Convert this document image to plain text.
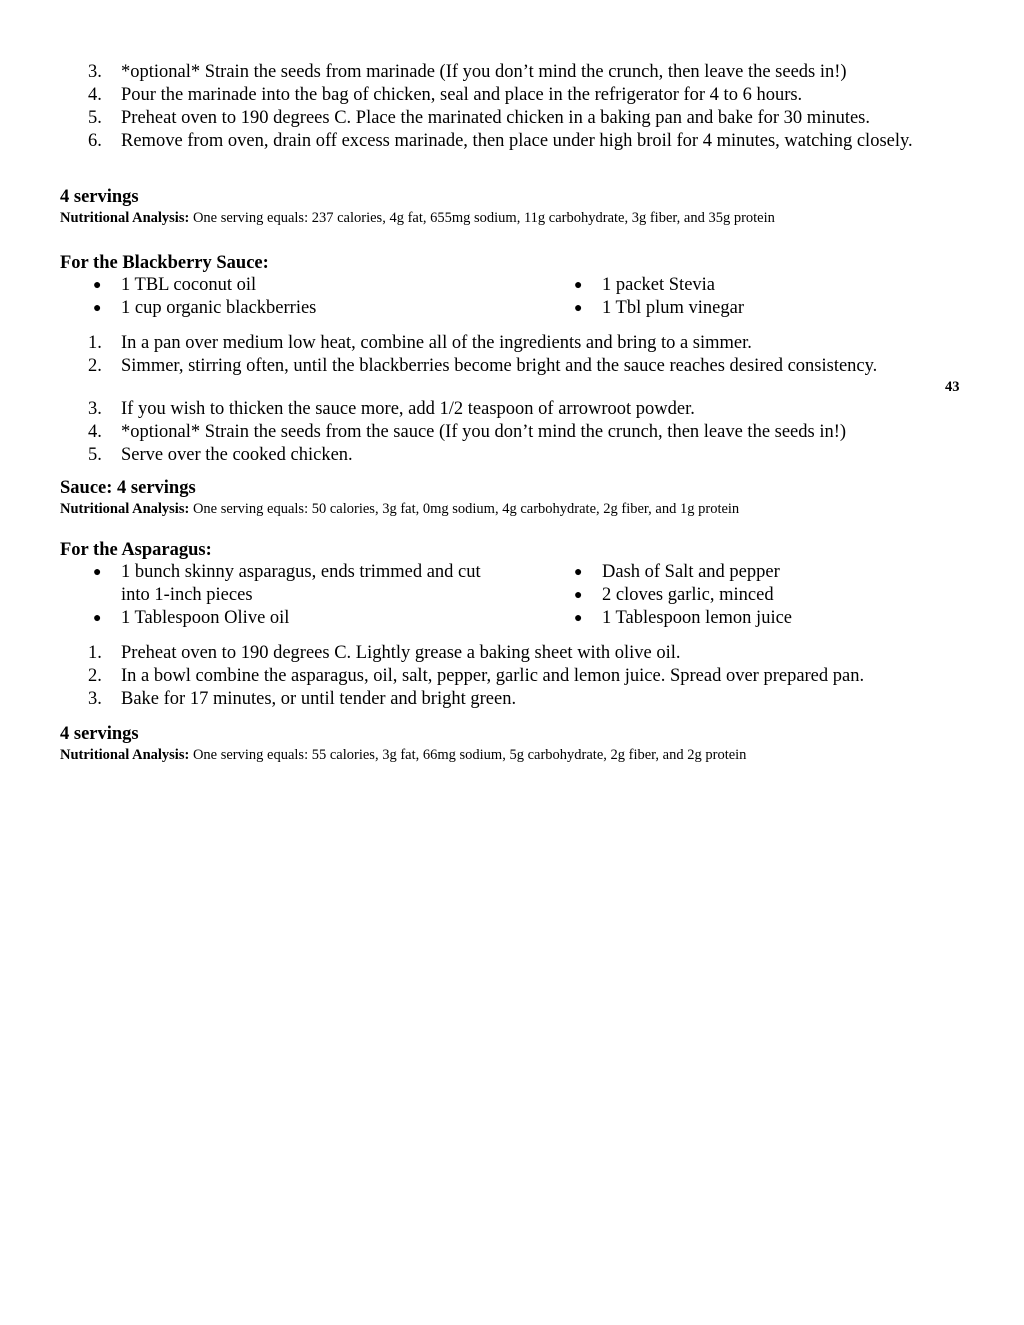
3.	*optional* Strain the seeds from marinade (If you don’t mind the crunch, then leave the seeds in!)
4.	Pour the marinade into the bag of chicken, seal and place in the refrigerator for 4 to 6 hours.
5.	Preheat oven to 190 degrees C. Place the marinated chicken in a baking pan and bake for 30 minutes.
6.	Remove from oven, drain off excess marinade, then place under high broil for 4 minutes, watching closely.
4 servings
Nutritional Analysis: One serving equals: 237 calories, 4g fat, 655mg sodium, 11g carbohydrate, 3g fiber, and 35g protein
For the Blackberry Sauce:
● 1 TBL coconut oil
● 1 cup organic blackberries
● 1 packet Stevia
● 1 Tbl plum vinegar
1.	In a pan over medium low heat, combine all of the ingredients and bring to a simmer.
2.	Simmer, stirring often, until the blackberries become bright and the sauce reaches desired consistency.
43
3.	If you wish to thicken the sauce more, add 1/2 teaspoon of arrowroot powder.
4.	*optional* Strain the seeds from the sauce (If you don’t mind the crunch, then leave the seeds in!)
5.	Serve over the cooked chicken.
Sauce: 4 servings
Nutritional Analysis: One serving equals: 50 calories, 3g fat, 0mg sodium, 4g carbohydrate, 2g fiber, and 1g protein
For the Asparagus:
● 1 bunch skinny asparagus, ends trimmed and cut into 1-inch pieces
● 1 Tablespoon Olive oil
● Dash of Salt and pepper
● 2 cloves garlic, minced
● 1 Tablespoon lemon juice
1.	Preheat oven to 190 degrees C. Lightly grease a baking sheet with olive oil.
2.	In a bowl combine the asparagus, oil, salt, pepper, garlic and lemon juice. Spread over prepared pan.
3.	Bake for 17 minutes, or until tender and bright green.
4 servings
Nutritional Analysis: One serving equals: 55 calories, 3g fat, 66mg sodium, 5g carbohydrate, 2g fiber, and 2g protein
